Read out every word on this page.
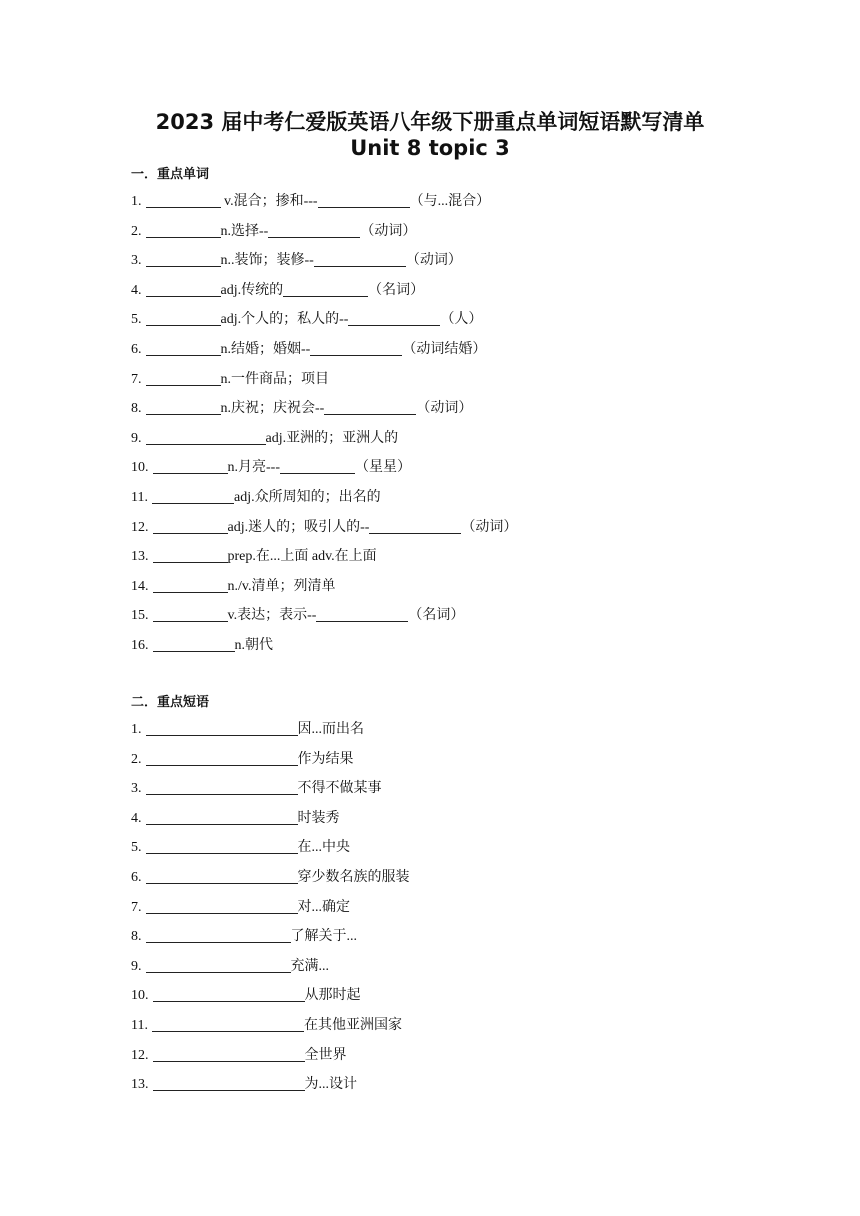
2023 届中考仁爱版英语八年级下册重点单词短语默写清单
Unit 8 topic 3
一．重点单词
1.	v.混合；掺和---	（与...混合）
2.	n.选择--	（动词）
3.	n..装饰；装修--	（动词）
4.	adj.传统的	（名词）
5.	adj.个人的；私人的--	（人）
6.	n.结婚；婚姻--	（动词结婚）
7.	n.一件商品；项目
8.	n.庆祝；庆祝会--	（动词）
9.	adj.亚洲的；亚洲人的
10.	n.月亮---	（星星）
11.	adj.众所周知的；出名的
12.	adj.迷人的；吸引人的--	（动词）
13.	prep.在...上面 adv.在上面
14.	n./v.清单；列清单
15.	v.表达；表示--	（名词）
16.	n.朝代
二．重点短语
1.	因...而出名
2.	作为结果
3.	不得不做某事
4.	时装秀
5.	在...中央
6.	穿少数名族的服装
7.	对...确定
8.	了解关于...
9.	充满...
10.	从那时起
11.	在其他亚洲国家
12.	全世界
13.	为...设计
